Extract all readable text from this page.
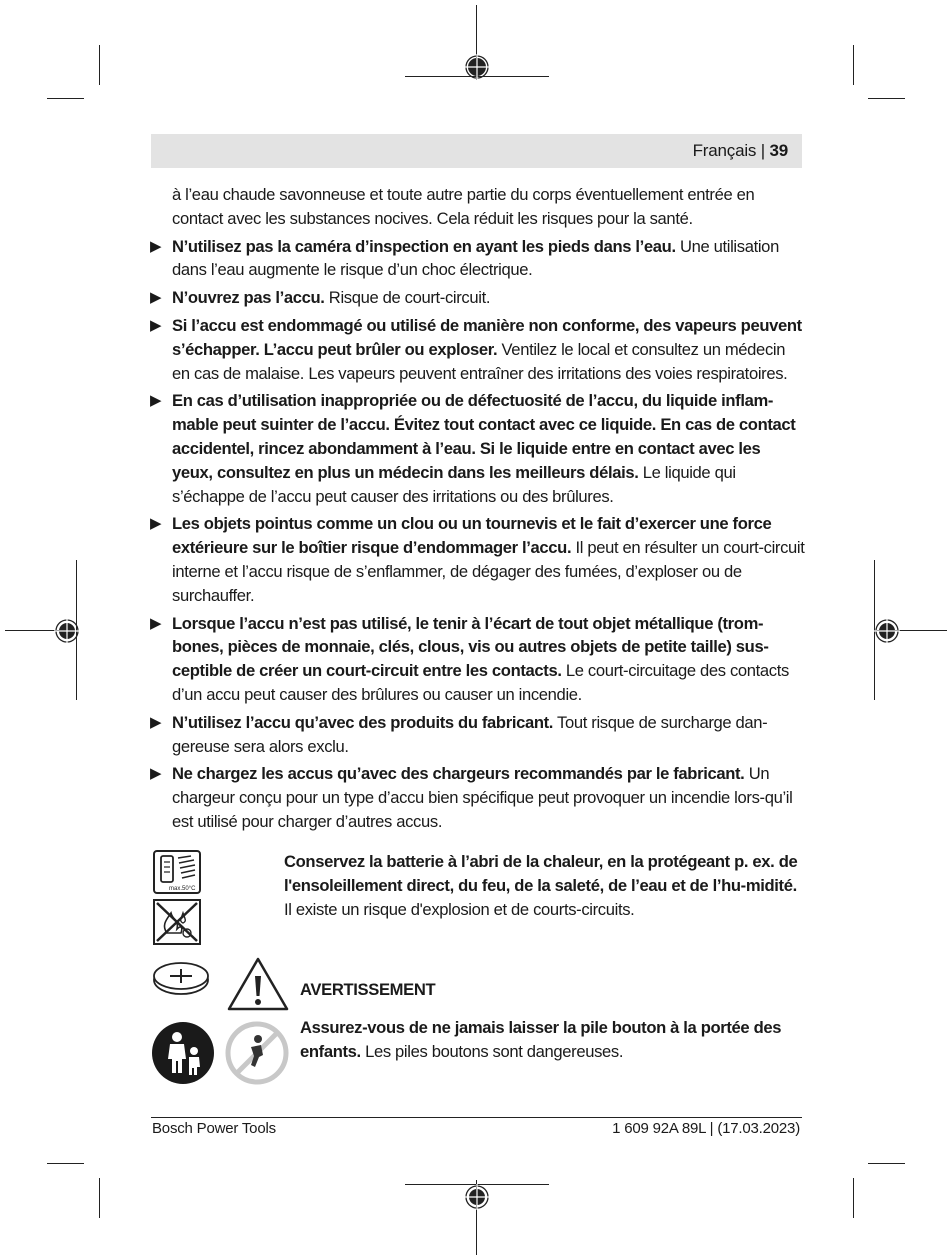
Français | 39

à l’eau chaude savonneuse et toute autre partie du corps éventuellement entrée en contact avec les substances nocives. Cela réduit les risques pour la santé.

▶ N’utilisez pas la caméra d’inspection en ayant les pieds dans l’eau. Une utilisation dans l’eau augmente le risque d’un choc électrique.
▶ N’ouvrez pas l’accu. Risque de court-circuit.
▶ Si l’accu est endommagé ou utilisé de manière non conforme, des vapeurs peuvent s’échapper. L’accu peut brûler ou exploser. Ventilez le local et consultez un médecin en cas de malaise. Les vapeurs peuvent entraîner des irritations des voies respiratoires.
▶ En cas d’utilisation inappropriée ou de défectuosité de l’accu, du liquide inflam-mable peut suinter de l’accu. Évitez tout contact avec ce liquide. En cas de contact accidentel, rincez abondamment à l’eau. Si le liquide entre en contact avec les yeux, consultez en plus un médecin dans les meilleurs délais. Le liquide qui s’échappe de l’accu peut causer des irritations ou des brûlures.
▶ Les objets pointus comme un clou ou un tournevis et le fait d’exercer une force extérieure sur le boîtier risque d’endommager l’accu. Il peut en résulter un court-circuit interne et l’accu risque de s’enflammer, de dégager des fumées, d’exploser ou de surchauffer.
▶ Lorsque l’accu n’est pas utilisé, le tenir à l’écart de tout objet métallique (trom-bones, pièces de monnaie, clés, clous, vis ou autres objets de petite taille) sus-ceptible de créer un court-circuit entre les contacts. Le court-circuitage des contacts d’un accu peut causer des brûlures ou causer un incendie.
▶ N’utilisez l’accu qu’avec des produits du fabricant. Tout risque de surcharge dan-gereuse sera alors exclu.
▶ Ne chargez les accus qu’avec des chargeurs recommandés par le fabricant. Un chargeur conçu pour un type d’accu bien spécifique peut provoquer un incendie lors-qu’il est utilisé pour charger d’autres accus.
max.50°C
Conservez la batterie à l’abri de la chaleur, en la protégeant p. ex. de l'ensoleillement direct, du feu, de la saleté, de l’eau et de l’hu-midité. Il existe un risque d'explosion et de courts-circuits.
AVERTISSEMENT
Assurez-vous de ne jamais laisser la pile bouton à la portée des enfants. Les piles boutons sont dangereuses.
Bosch Power Tools	1 609 92A 89L | (17.03.2023)
